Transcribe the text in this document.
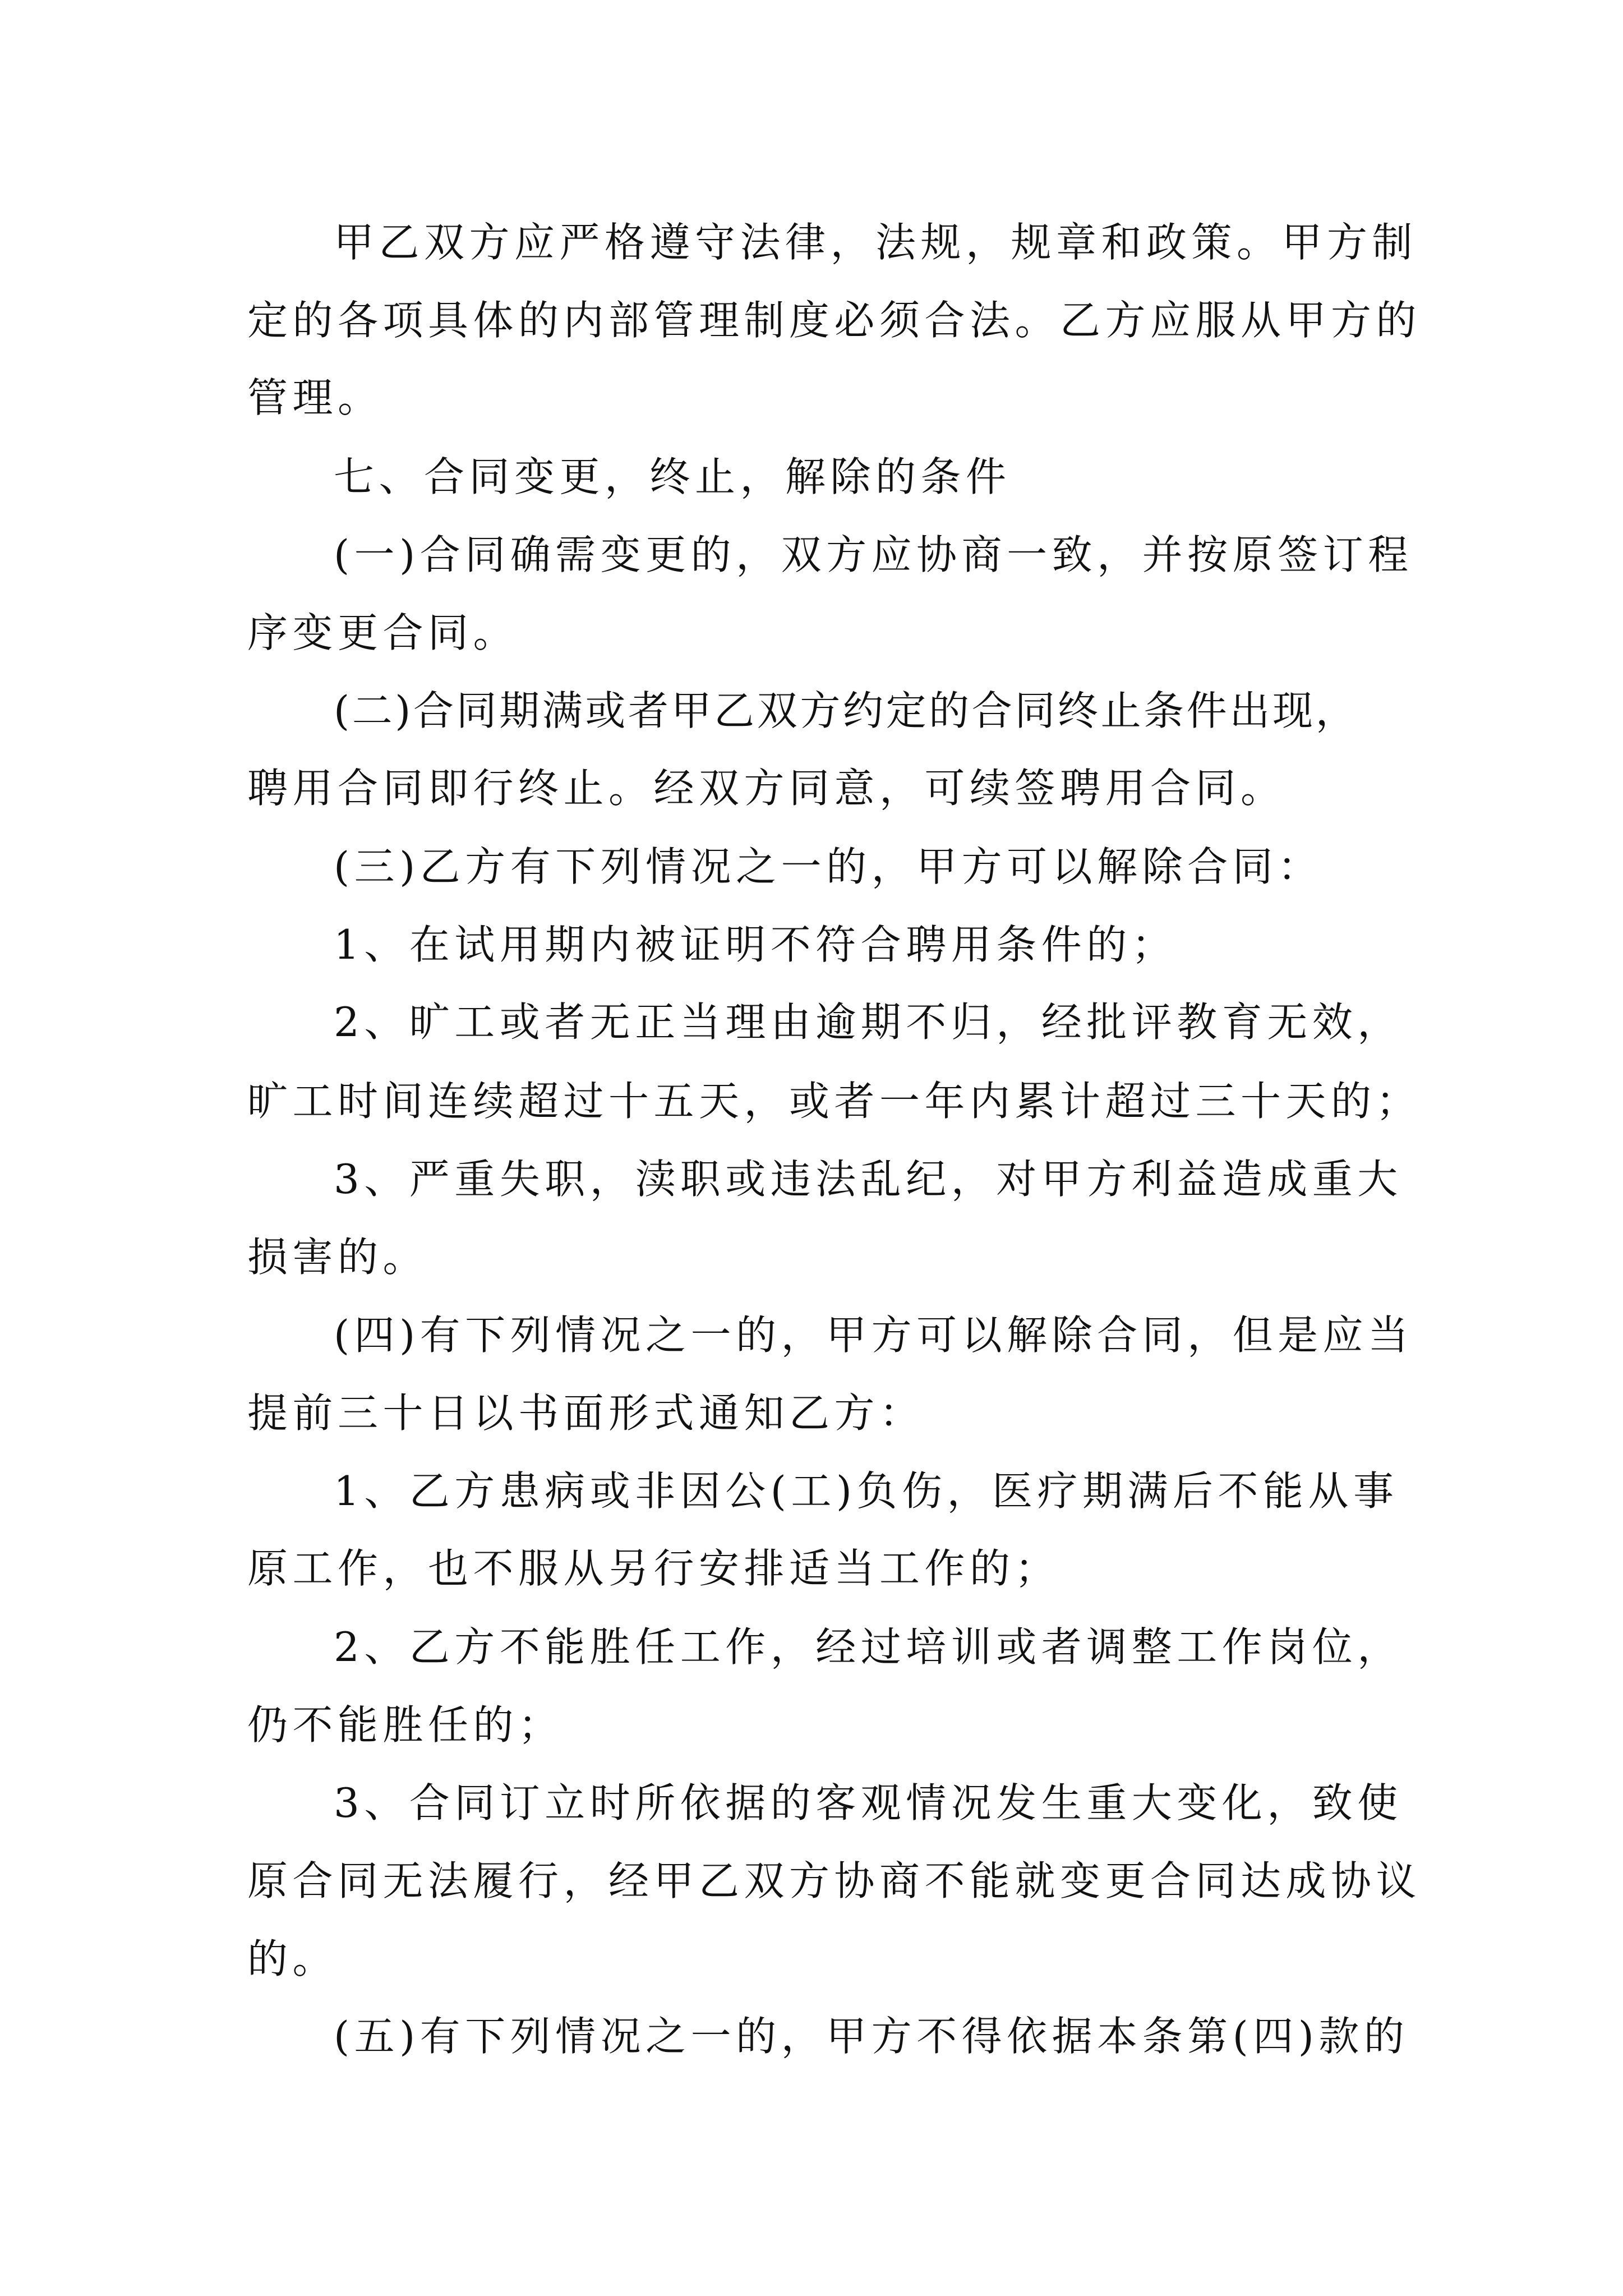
甲乙双方应严格遵守法律，法规，规章和政策。甲方制
定的各项具体的内部管理制度必须合法。乙方应服从甲方的
管理。
七、合同变更，终止，解除的条件
(一)合同确需变更的，双方应协商一致，并按原签订程
序变更合同。
(二)合同期满或者甲乙双方约定的合同终止条件出现，
聘用合同即行终止。经双方同意，可续签聘用合同。
(三)乙方有下列情况之一的，甲方可以解除合同：
1、在试用期内被证明不符合聘用条件的；
2、旷工或者无正当理由逾期不归，经批评教育无效，
旷工时间连续超过十五天，或者一年内累计超过三十天的；
3、严重失职，渎职或违法乱纪，对甲方利益造成重大
损害的。
(四)有下列情况之一的，甲方可以解除合同，但是应当
提前三十日以书面形式通知乙方：
1、乙方患病或非因公(工)负伤，医疗期满后不能从事
原工作，也不服从另行安排适当工作的；
2、乙方不能胜任工作，经过培训或者调整工作岗位，
仍不能胜任的；
3、合同订立时所依据的客观情况发生重大变化，致使
原合同无法履行，经甲乙双方协商不能就变更合同达成协议
的。
(五)有下列情况之一的，甲方不得依据本条第(四)款的
